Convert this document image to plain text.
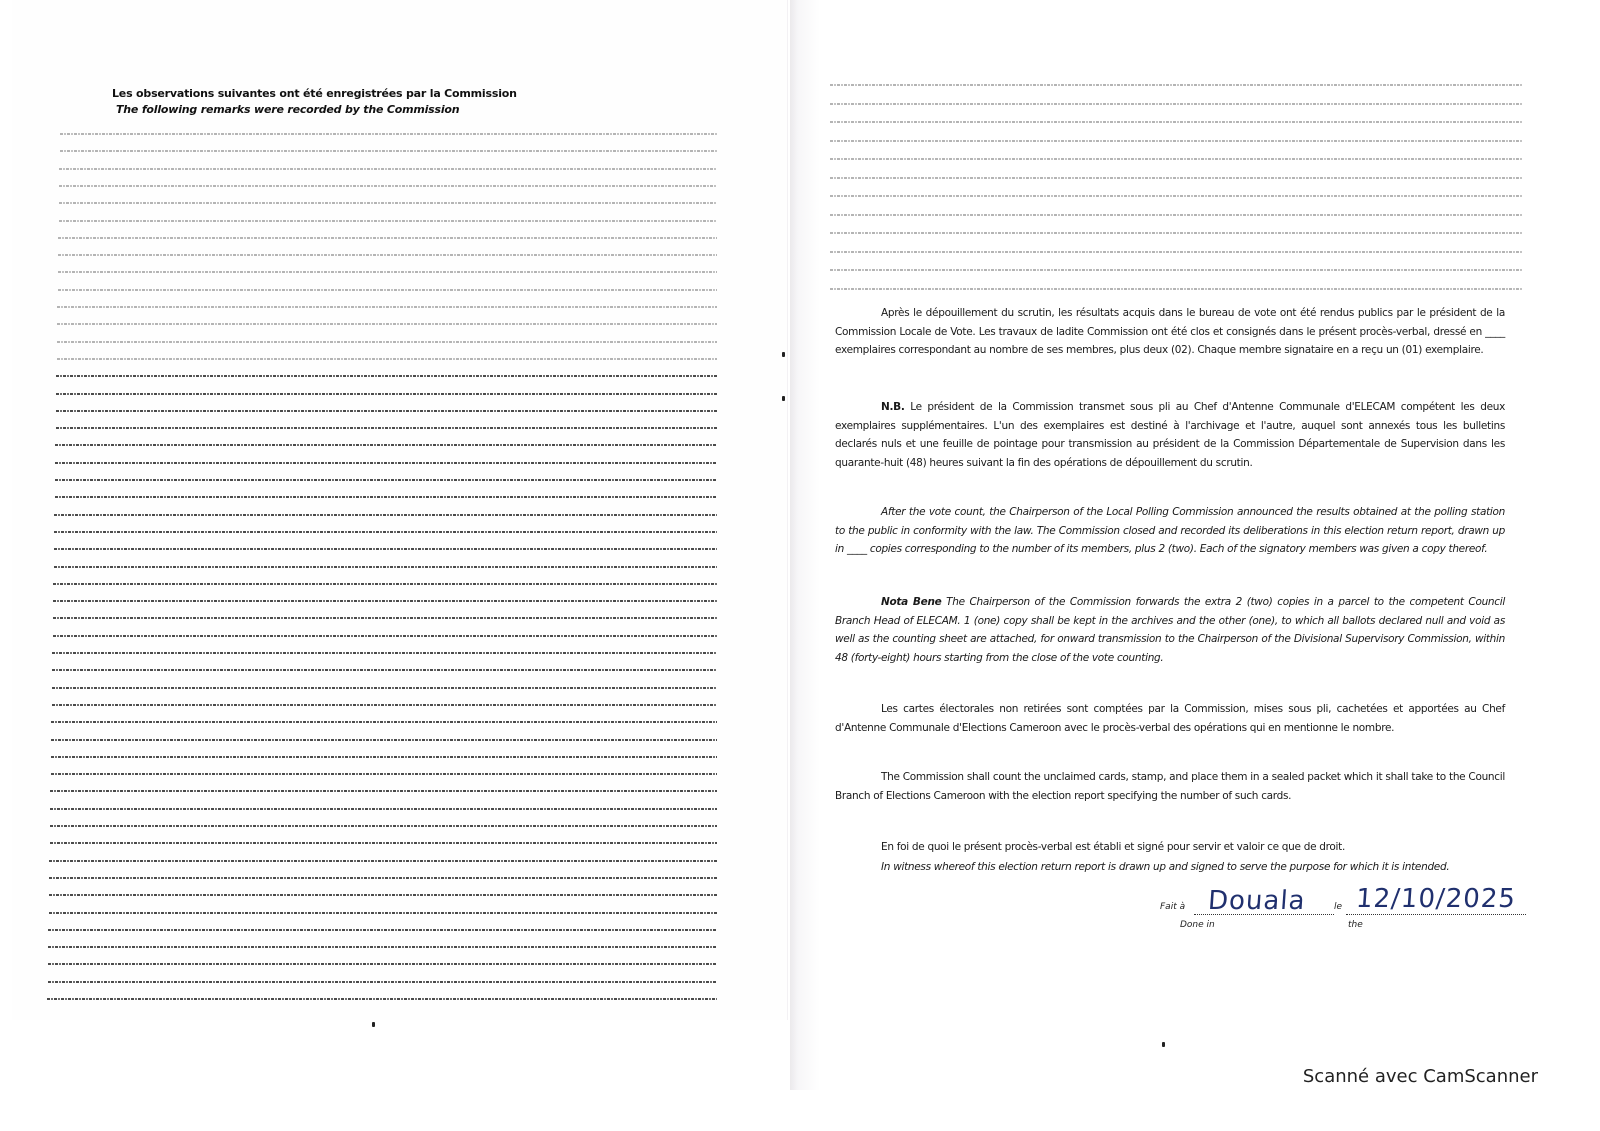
Les observations suivantes ont été enregistrées par la Commission
The following remarks were recorded by the Commission

Après le dépouillement du scrutin, les résultats acquis dans le bureau de vote ont été rendus publics par le président de la Commission Locale de Vote. Les travaux de ladite Commission ont été clos et consignés dans le présent procès-verbal, dressé en ____ exemplaires correspondant au nombre de ses membres, plus deux (02). Chaque membre signataire en a reçu un (01) exemplaire.

N.B. Le président de la Commission transmet sous pli au Chef d'Antenne Communale d'ELECAM compétent les deux exemplaires supplémentaires. L'un des exemplaires est destiné à l'archivage et l'autre, auquel sont annexés tous les bulletins declarés nuls et une feuille de pointage pour transmission au président de la Commission Départementale de Supervision dans les quarante-huit (48) heures suivant la fin des opérations de dépouillement du scrutin.

After the vote count, the Chairperson of the Local Polling Commission announced the results obtained at the polling station to the public in conformity with the law. The Commission closed and recorded its deliberations in this election return report, drawn up in ____ copies corresponding to the number of its members, plus 2 (two). Each of the signatory members was given a copy thereof.

Nota Bene The Chairperson of the Commission forwards the extra 2 (two) copies in a parcel to the competent Council Branch Head of ELECAM. 1 (one) copy shall be kept in the archives and the other (one), to which all ballots declared null and void as well as the counting sheet are attached, for onward transmission to the Chairperson of the Divisional Supervisory Commission, within 48 (forty-eight) hours starting from the close of the vote counting.

Les cartes électorales non retirées sont comptées par la Commission, mises sous pli, cachetées et apportées au Chef d'Antenne Communale d'Elections Cameroon avec le procès-verbal des opérations qui en mentionne le nombre.

The Commission shall count the unclaimed cards, stamp, and place them in a sealed packet which it shall take to the Council Branch of Elections Cameroon with the election report specifying the number of such cards.

En foi de quoi le présent procès-verbal est établi et signé pour servir et valoir ce que de droit.

In witness whereof this election return report is drawn up and signed to serve the purpose for which it is intended.

Fait à
Done in
Douala	le
the
12/10/2025
Scanné avec CamScanner
